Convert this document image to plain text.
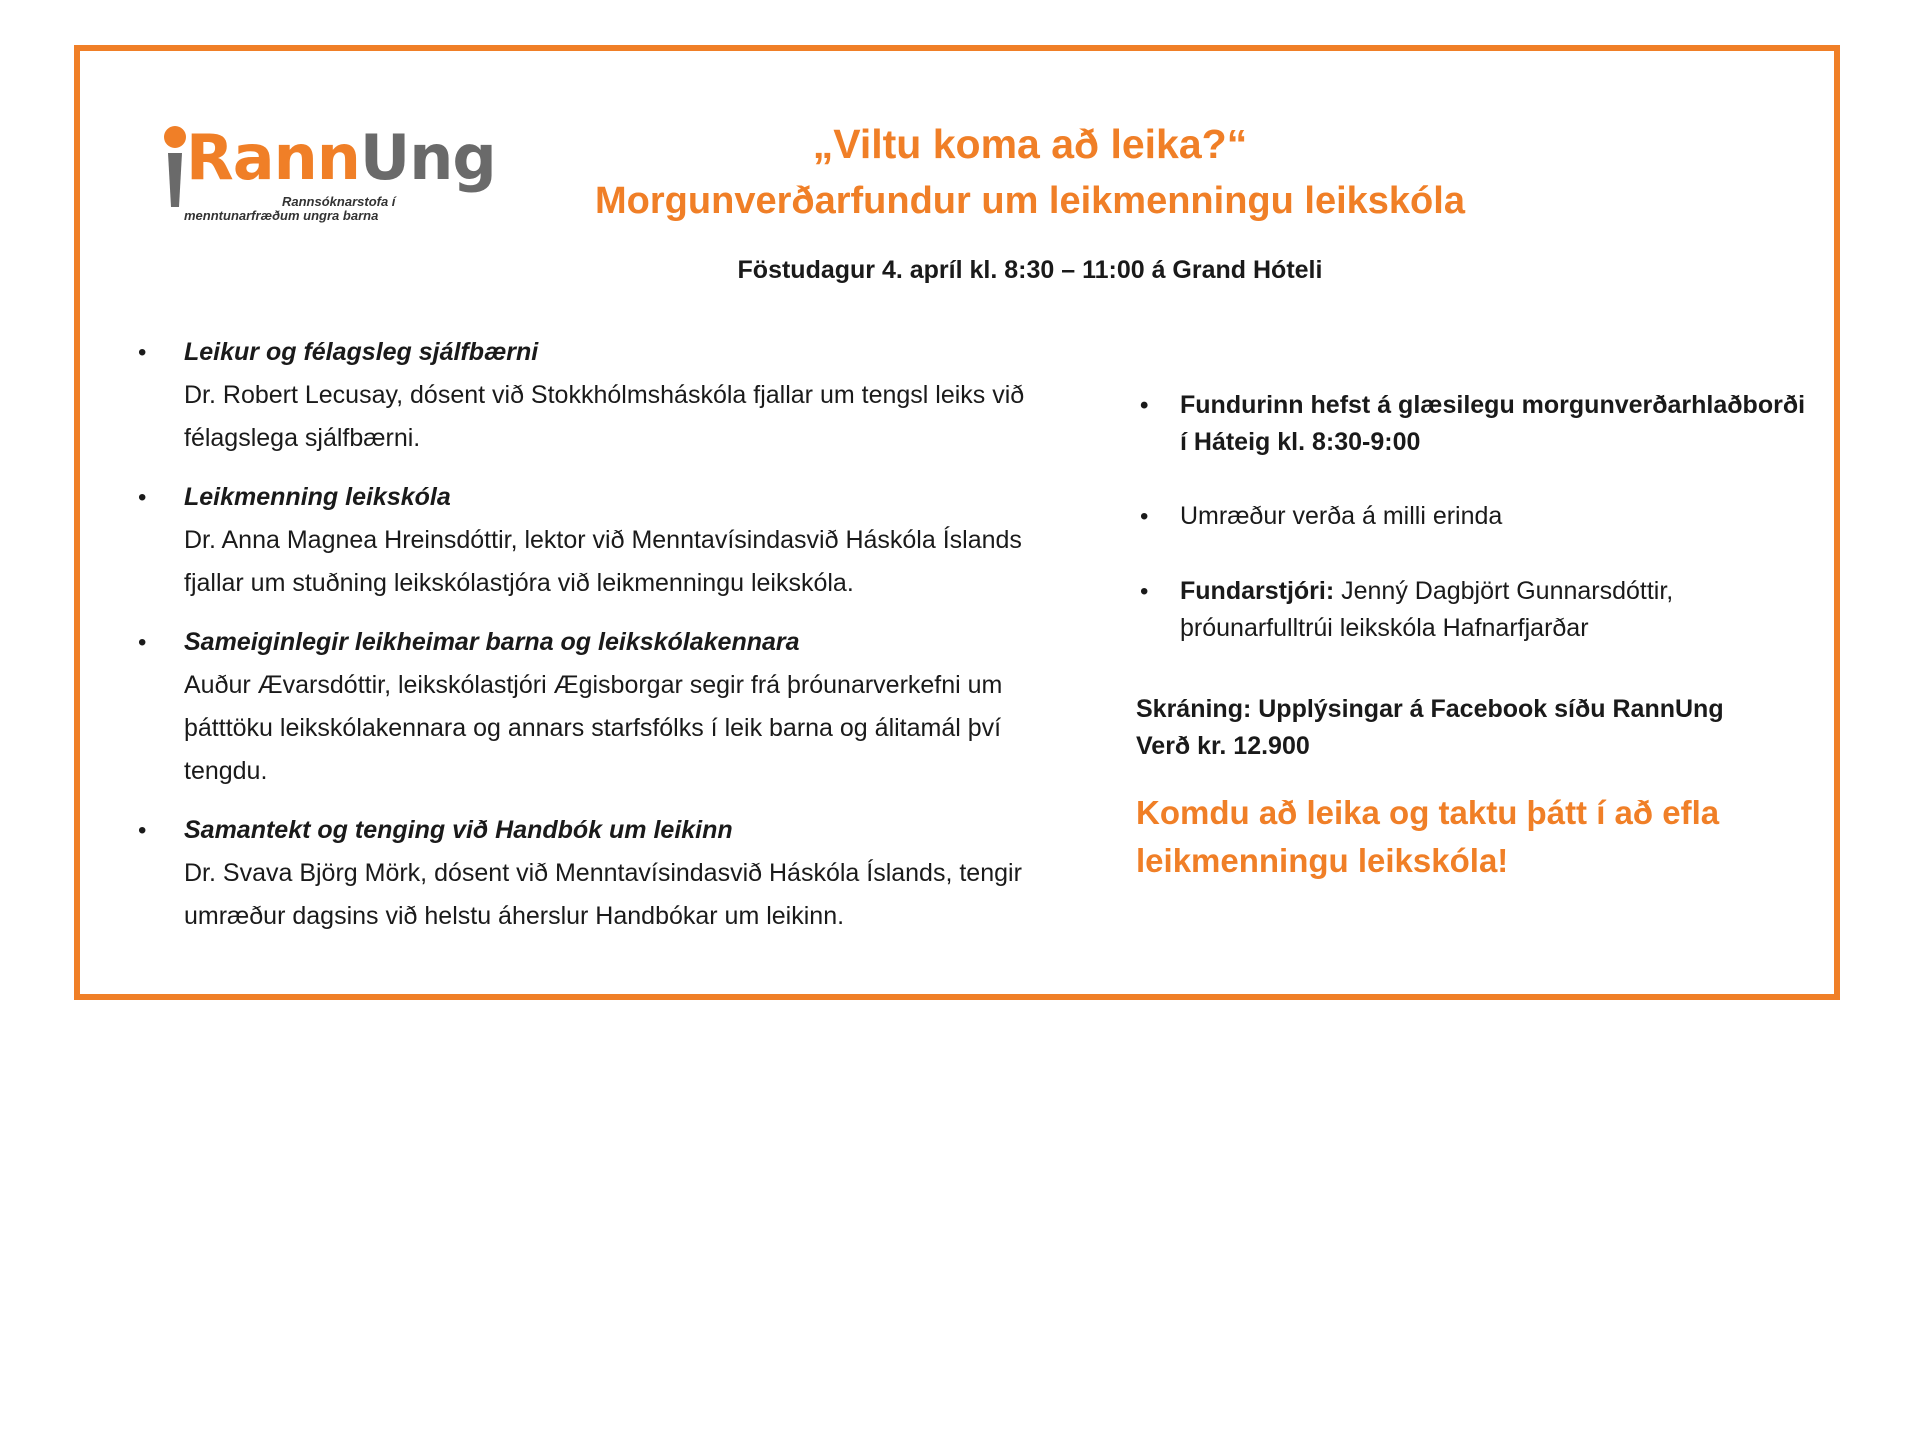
RannUng
Rannsóknarstofa í
menntunarfræðum ungra barna
„Viltu koma að leika?“
Morgunverðarfundur um leikmenningu leikskóla
Föstudagur 4. apríl kl. 8:30 – 11:00 á Grand Hóteli
• Leikur og félagsleg sjálfbærni
Dr. Robert Lecusay, dósent við Stokkhólmsháskóla fjallar um tengsl leiks við félagslega sjálfbærni.
• Leikmenning leikskóla
Dr. Anna Magnea Hreinsdóttir, lektor við Menntavísindasvið Háskóla Íslands fjallar um stuðning leikskólastjóra við leikmenningu leikskóla.
• Sameiginlegir leikheimar barna og leikskólakennara
Auður Ævarsdóttir, leikskólastjóri Ægisborgar segir frá þróunarverkefni um þátttöku leikskólakennara og annars starfsfólks í leik barna og álitamál því tengdu.
• Samantekt og tenging við Handbók um leikinn
Dr. Svava Björg Mörk, dósent við Menntavísindasvið Háskóla Íslands, tengir umræður dagsins við helstu áherslur Handbókar um leikinn.
• Fundurinn hefst á glæsilegu morgunverðarhlaðborði í Háteig kl. 8:30-9:00
• Umræður verða á milli erinda
• Fundarstjóri: Jenný Dagbjört Gunnarsdóttir, þróunarfulltrúi leikskóla Hafnarfjarðar
Skráning: Upplýsingar á Facebook síðu RannUng
Verð kr. 12.900
Komdu að leika og taktu þátt í að efla leikmenningu leikskóla!
